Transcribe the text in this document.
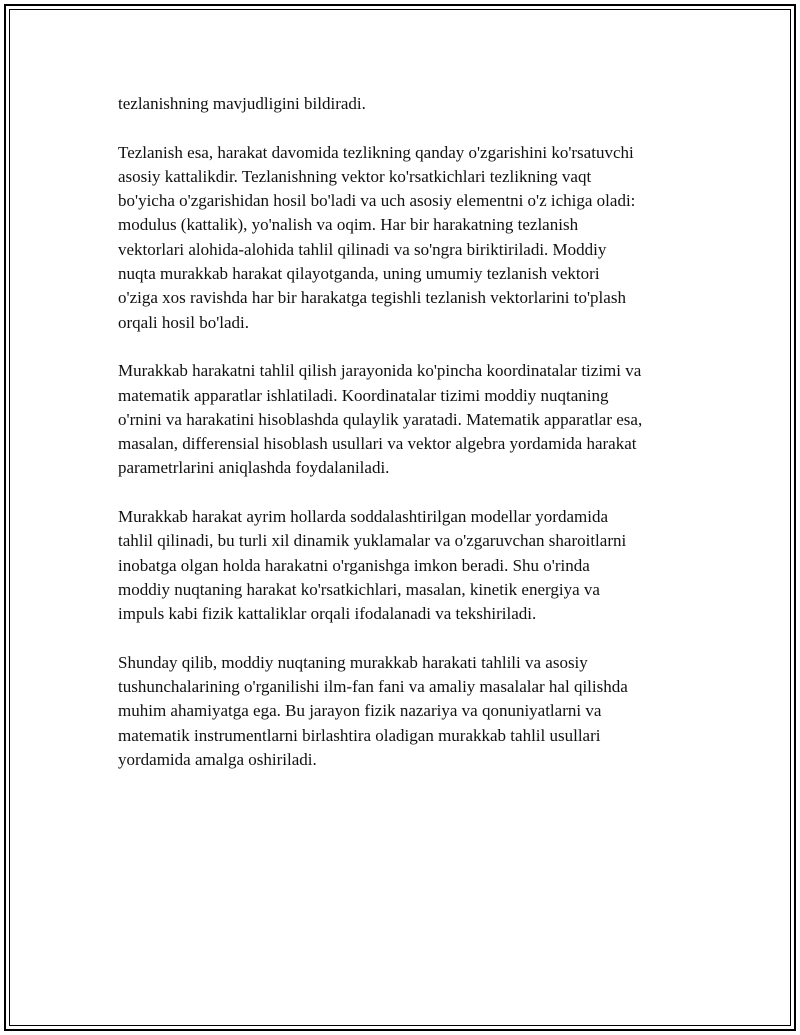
tezlanishning mavjudligini bildiradi.

Tezlanish esa, harakat davomida tezlikning qanday o'zgarishini ko'rsatuvchi
asosiy kattalikdir. Tezlanishning vektor ko'rsatkichlari tezlikning vaqt
bo'yicha o'zgarishidan hosil bo'ladi va uch asosiy elementni o'z ichiga oladi:
modulus (kattalik), yo'nalish va oqim. Har bir harakatning tezlanish
vektorlari alohida-alohida tahlil qilinadi va so'ngra biriktiriladi. Moddiy
nuqta murakkab harakat qilayotganda, uning umumiy tezlanish vektori
o'ziga xos ravishda har bir harakatga tegishli tezlanish vektorlarini to'plash
orqali hosil bo'ladi.

Murakkab harakatni tahlil qilish jarayonida ko'pincha koordinatalar tizimi va
matematik apparatlar ishlatiladi. Koordinatalar tizimi moddiy nuqtaning
o'rnini va harakatini hisoblashda qulaylik yaratadi. Matematik apparatlar esa,
masalan, differensial hisoblash usullari va vektor algebra yordamida harakat
parametrlarini aniqlashda foydalaniladi.

Murakkab harakat ayrim hollarda soddalashtirilgan modellar yordamida
tahlil qilinadi, bu turli xil dinamik yuklamalar va o'zgaruvchan sharoitlarni
inobatga olgan holda harakatni o'rganishga imkon beradi. Shu o'rinda
moddiy nuqtaning harakat ko'rsatkichlari, masalan, kinetik energiya va
impuls kabi fizik kattaliklar orqali ifodalanadi va tekshiriladi.

Shunday qilib, moddiy nuqtaning murakkab harakati tahlili va asosiy
tushunchalarining o'rganilishi ilm-fan fani va amaliy masalalar hal qilishda
muhim ahamiyatga ega. Bu jarayon fizik nazariya va qonuniyatlarni va
matematik instrumentlarni birlashtira oladigan murakkab tahlil usullari
yordamida amalga oshiriladi.
